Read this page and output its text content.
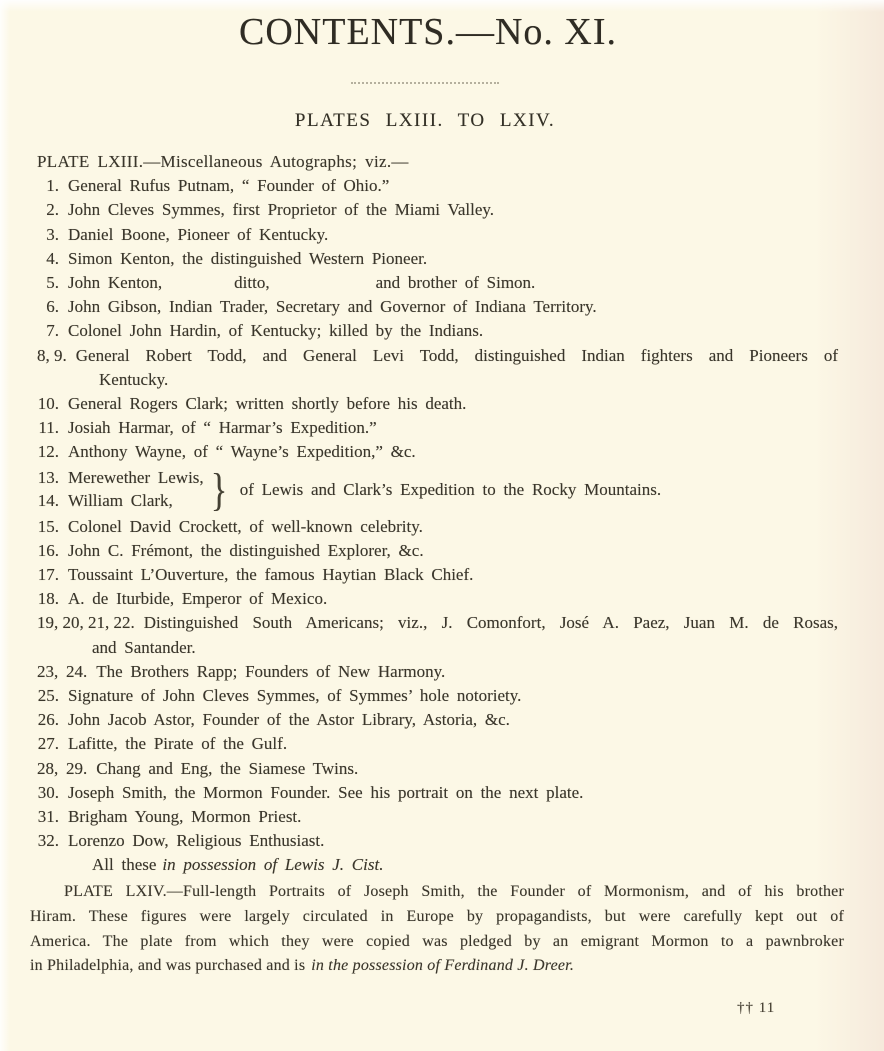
CONTENTS.—No. XI.
PLATES LXIII. TO LXIV.
PLATE LXIII.—Miscellaneous Autographs; viz.—
1. General Rufus Putnam, “ Founder of Ohio.”
2. John Cleves Symmes, first Proprietor of the Miami Valley.
3. Daniel Boone, Pioneer of Kentucky.
4. Simon Kenton, the distinguished Western Pioneer.
5. John Kenton,	ditto,	and brother of Simon.
6. John Gibson, Indian Trader, Secretary and Governor of Indiana Territory.
7. Colonel John Hardin, of Kentucky; killed by the Indians.
8, 9. General Robert Todd, and General Levi Todd, distinguished Indian fighters and Pioneers of
Kentucky.
10. General Rogers Clark; written shortly before his death.
11. Josiah Harmar, of “ Harmar’s Expedition.”
12. Anthony Wayne, of “ Wayne’s Expedition,” &c.
13. Merewether Lewis,
14. William Clark, } of Lewis and Clark’s Expedition to the Rocky Mountains.
15. Colonel David Crockett, of well-known celebrity.
16. John C. Frémont, the distinguished Explorer, &c.
17. Toussaint L’Ouverture, the famous Haytian Black Chief.
18. A. de Iturbide, Emperor of Mexico.
19, 20, 21, 22. Distinguished South Americans; viz., J. Comonfort, José A. Paez, Juan M. de Rosas,
and Santander.
23, 24. The Brothers Rapp; Founders of New Harmony.
25. Signature of John Cleves Symmes, of Symmes’ hole notoriety.
26. John Jacob Astor, Founder of the Astor Library, Astoria, &c.
27. Lafitte, the Pirate of the Gulf.
28, 29. Chang and Eng, the Siamese Twins.
30. Joseph Smith, the Mormon Founder. See his portrait on the next plate.
31. Brigham Young, Mormon Priest.
32. Lorenzo Dow, Religious Enthusiast.
All these in possession of Lewis J. Cist.
PLATE LXIV.—Full-length Portraits of Joseph Smith, the Founder of Mormonism, and of his brother
Hiram. These figures were largely circulated in Europe by propagandists, but were carefully kept out of
America. The plate from which they were copied was pledged by an emigrant Mormon to a pawnbroker
in Philadelphia, and was purchased and is in the possession of Ferdinand J. Dreer.
†† 11
